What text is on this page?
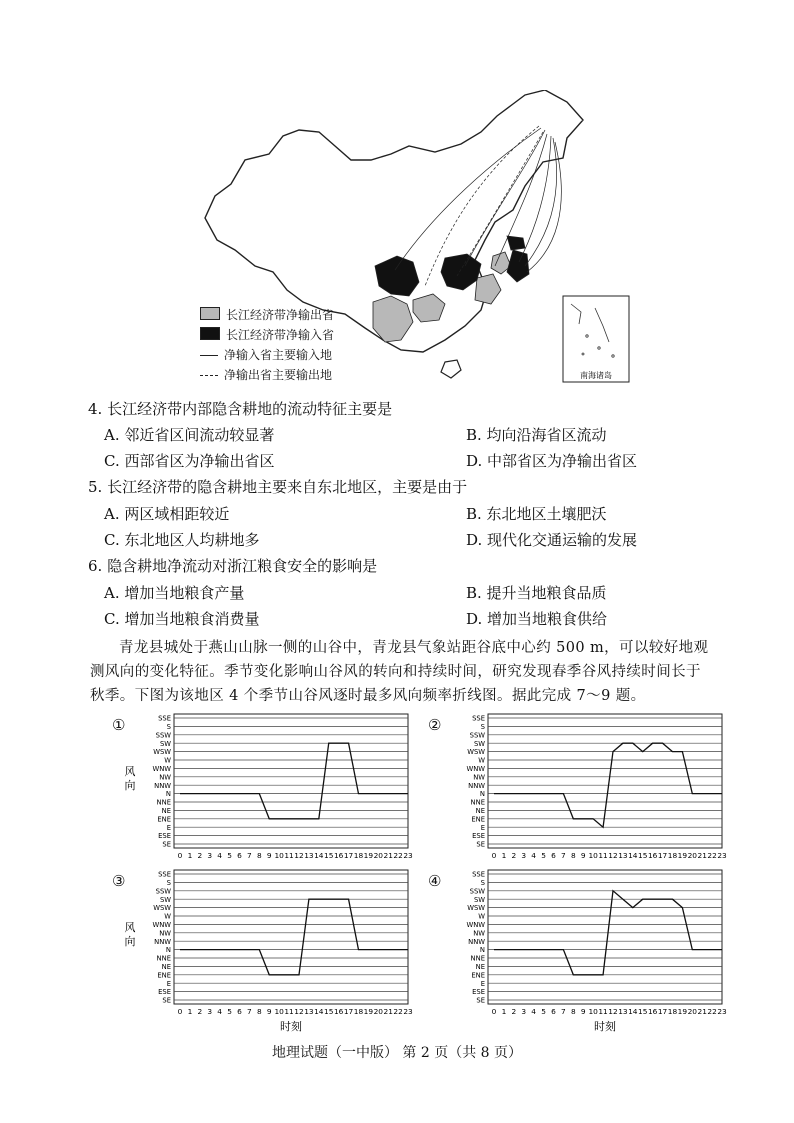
南海诸岛
长江经济带净输出省
长江经济带净输入省
净输入省主要输入地
净输出省主要输出地
4. 长江经济带内部隐含耕地的流动特征主要是
A. 邻近省区间流动较显著	B. 均向沿海省区流动
C. 西部省区为净输出省区	D. 中部省区为净输出省区
5. 长江经济带的隐含耕地主要来自东北地区，主要是由于
A. 两区域相距较近	B. 东北地区土壤肥沃
C. 东北地区人均耕地多	D. 现代化交通运输的发展
6. 隐含耕地净流动对浙江粮食安全的影响是
A. 增加当地粮食产量	B. 提升当地粮食品质
C. 增加当地粮食消费量	D. 增加当地粮食供给

青龙县城处于燕山山脉一侧的山谷中，青龙县气象站距谷底中心约 500 m，可以较好地观测风向的变化特征。季节变化影响山谷风的转向和持续时间，研究发现春季谷风持续时间长于秋季。下图为该地区 4 个季节山谷风逐时最多风向频率折线图。据此完成 7～9 题。

①	②
③	④
SE
ESE
E
ENE
NE
NNE
N
NNW
NW
WNW
W
WSW
SW
SSW
S
SSE
0 1 2 3 4 5 6 7 8 9 10 11 12 13 14 15 16 17 18 19 20 21 22 23
风
向
SE
ESE
E
ENE
NE
NNE
N
NNW
NW
WNW
W
WSW
SW
SSW
S
SSE
0 1 2 3 4 5 6 7 8 9 10 11 12 13 14 15 16 17 18 19 20 21 22 23
SE
ESE
E
ENE
NE
NNE
N
NNW
NW
WNW
W
WSW
SW
SSW
S
SSE
0 1 2 3 4 5 6 7 8 9 10 11 12 13 14 15 16 17 18 19 20 21 22 23
风
向
时刻
SE
ESE
E
ENE
NE
NNE
N
NNW
NW
WNW
W
WSW
SW
SSW
S
SSE
0 1 2 3 4 5 6 7 8 9 10 11 12 13 14 15 16 17 18 19 20 21 22 23
时刻
地理试题（一中版） 第 2 页（共 8 页）
